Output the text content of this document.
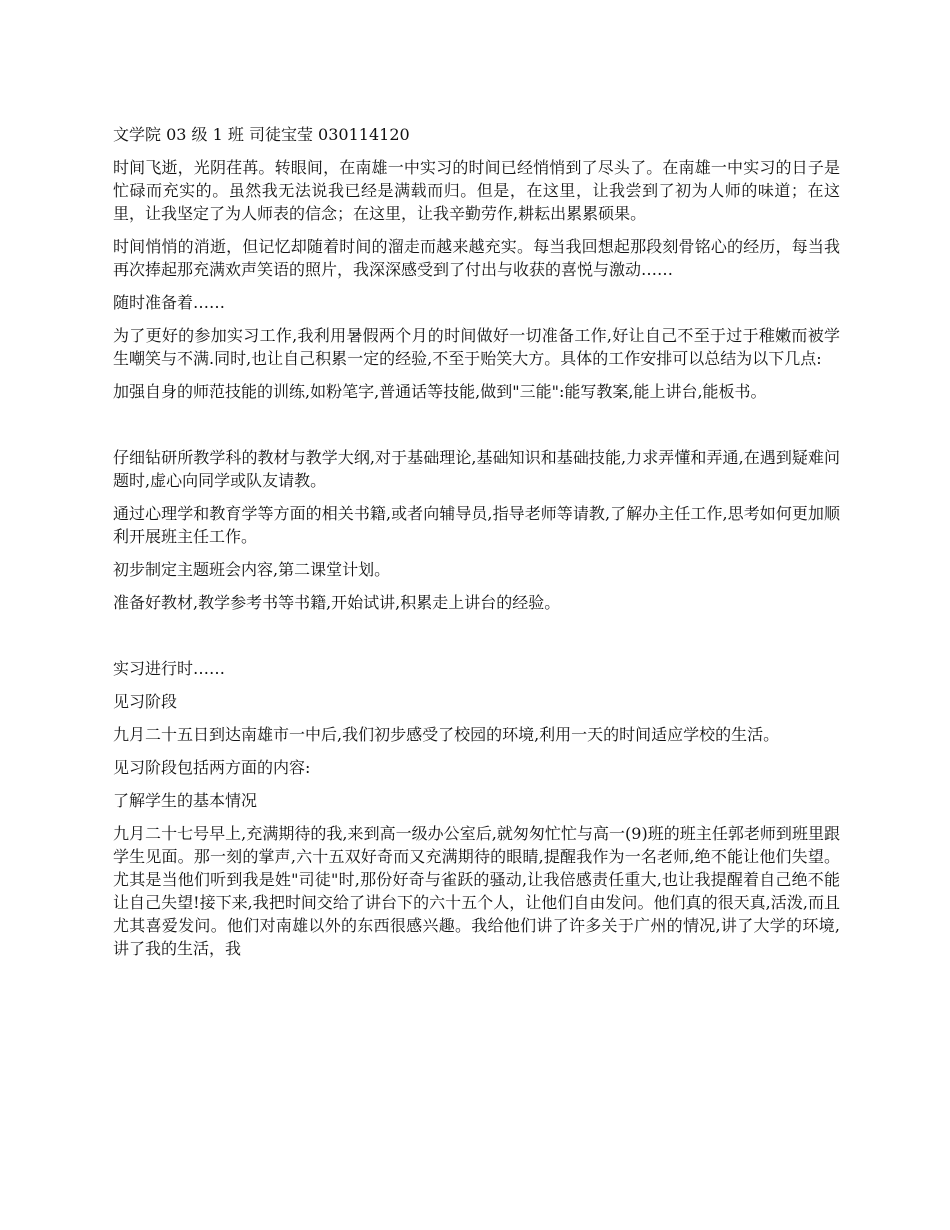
文学院 03 级 1 班 司徒宝莹 030114120

时间飞逝，光阴荏苒。转眼间，在南雄一中实习的时间已经悄悄到了尽头了。在南雄一中实习的日子是忙碌而充实的。虽然我无法说我已经是满载而归。但是，在这里，让我尝到了初为人师的味道；在这里，让我坚定了为人师表的信念；在这里，让我辛勤劳作,耕耘出累累硕果。

时间悄悄的消逝，但记忆却随着时间的溜走而越来越充实。每当我回想起那段刻骨铭心的经历，每当我再次捧起那充满欢声笑语的照片，我深深感受到了付出与收获的喜悦与激动……

随时准备着……

为了更好的参加实习工作,我利用暑假两个月的时间做好一切准备工作,好让自己不至于过于稚嫩而被学生嘲笑与不满.同时,也让自己积累一定的经验,不至于贻笑大方。具体的工作安排可以总结为以下几点:

加强自身的师范技能的训练,如粉笔字,普通话等技能,做到"三能":能写教案,能上讲台,能板书。

仔细钻研所教学科的教材与教学大纲,对于基础理论,基础知识和基础技能,力求弄懂和弄通,在遇到疑难问题时,虚心向同学或队友请教。

通过心理学和教育学等方面的相关书籍,或者向辅导员,指导老师等请教,了解办主任工作,思考如何更加顺利开展班主任工作。

初步制定主题班会内容,第二课堂计划。

准备好教材,教学参考书等书籍,开始试讲,积累走上讲台的经验。

实习进行时……

见习阶段

九月二十五日到达南雄市一中后,我们初步感受了校园的环境,利用一天的时间适应学校的生活。

见习阶段包括两方面的内容:

了解学生的基本情况

九月二十七号早上,充满期待的我,来到高一级办公室后,就匆匆忙忙与高一(9)班的班主任郭老师到班里跟学生见面。那一刻的掌声,六十五双好奇而又充满期待的眼睛,提醒我作为一名老师,绝不能让他们失望。尤其是当他们听到我是姓"司徒"时,那份好奇与雀跃的骚动,让我倍感责任重大,也让我提醒着自己绝不能让自己失望!接下来,我把时间交给了讲台下的六十五个人，让他们自由发问。他们真的很天真,活泼,而且尤其喜爱发问。他们对南雄以外的东西很感兴趣。我给他们讲了许多关于广州的情况,讲了大学的环境,讲了我的生活，我
